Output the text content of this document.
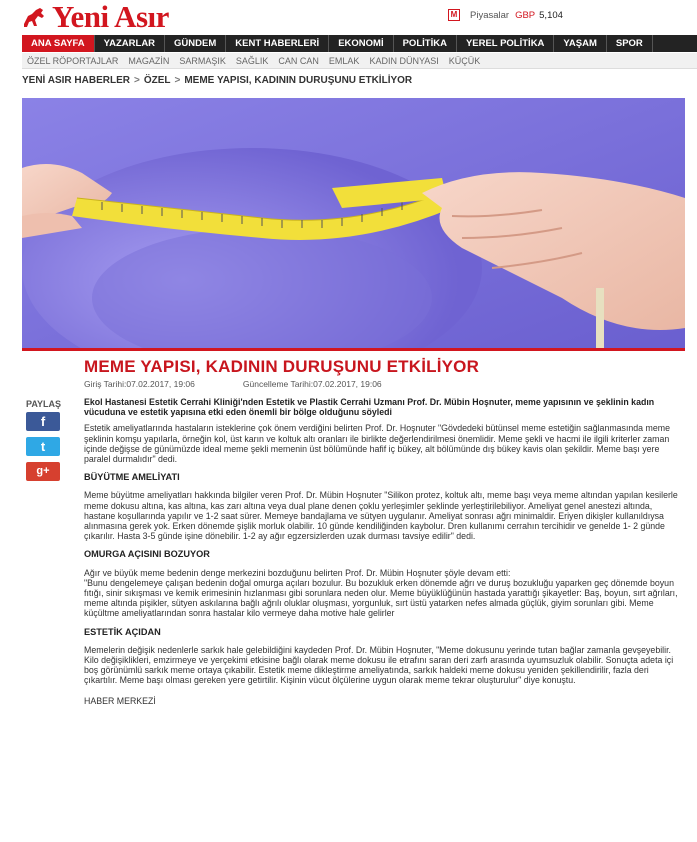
Yeni Asır	M Piyasalar GBP 5,104
ANA SAYFA	YAZARLAR	GÜNDEM	KENT HABERLERİ	EKONOMİ	POLİTİKA	YEREL POLİTİKA	YAŞAM	SPOR
ÖZEL RÖPORTAJLAR	MAGAZİN	SARMAŞIK	SAĞLIK	CAN CAN	EMLAK	KADIN DÜNYASI	KÜÇÜK
YENİ ASIR HABERLER > ÖZEL > MEME YAPISI, KADININ DURUŞUNU ETKİLİYOR
MEME YAPISI, KADININ DURUŞUNU ETKİLİYOR
Giriş Tarihi:07.02.2017, 19:06	Güncelleme Tarihi:07.02.2017, 19:06
PAYLAŞ
f
t
g+

Ekol Hastanesi Estetik Cerrahi Kliniği'nden Estetik ve Plastik Cerrahi Uzmanı Prof. Dr. Mübin Hoşnuter, meme yapısının ve şeklinin kadın vücuduna ve estetik yapısına etki eden önemli bir bölge olduğunu söyledi

Estetik ameliyatlarında hastaların isteklerine çok önem verdiğini belirten Prof. Dr. Hoşnuter "Gövdedeki bütünsel meme estetiğin sağlanmasında meme şeklinin komşu yapılarla, örneğin kol, üst karın ve koltuk altı oranları ile birlikte değerlendirilmesi önemlidir. Meme şekli ve hacmi ile ilgili kriterler zaman içinde değişse de günümüzde ideal meme şekli memenin üst bölümünde hafif iç bükey, alt bölümünde dış bükey kavis olan şekildir. Meme başı yere paralel durmalıdır" dedi.

BÜYÜTME AMELİYATI

Meme büyütme ameliyatları hakkında bilgiler veren Prof. Dr. Mübin Hoşnuter "Silikon protez, koltuk altı, meme başı veya meme altından yapılan kesilerle meme dokusu altına, kas altına, kas zarı altına veya dual plane denen çoklu yerleşimler şeklinde yerleştirilebiliyor. Ameliyat genel anestezi altında, hastane koşullarında yapılır ve 1-2 saat sürer. Memeye bandajlama ve sütyen uygulanır. Ameliyat sonrası ağrı minimaldir. Eriyen dikişler kullanıldıysa alınmasına gerek yok. Erken dönemde şişlik morluk olabilir. 10 günde kendiliğinden kaybolur. Dren kullanımı cerrahın tercihidir ve genelde 1- 2 günde çıkarılır. Hasta 3-5 günde işine dönebilir. 1-2 ay ağır egzersizlerden uzak durması tavsiye edilir" dedi.

OMURGA AÇISINI BOZUYOR

Ağır ve büyük meme bedenin denge merkezini bozduğunu belirten Prof. Dr. Mübin Hoşnuter şöyle devam etti:

"Bunu dengelemeye çalışan bedenin doğal omurga açıları bozulur. Bu bozukluk erken dönemde ağrı ve duruş bozukluğu yaparken geç dönemde boyun fıtığı, sinir sıkışması ve kemik erimesinin hızlanması gibi sorunlara neden olur. Meme büyüklüğünün hastada yarattığı şikayetler: Baş, boyun, sırt ağrıları, meme altında pişikler, sütyen askılarına bağlı ağrılı oluklar oluşması, yorgunluk, sırt üstü yatarken nefes almada güçlük, giyim sorunları gibi. Meme küçültme ameliyatlarından sonra hastalar kilo vermeye daha motive hale gelirler

ESTETİK AÇIDAN

Memelerin değişik nedenlerle sarkık hale gelebildiğini kaydeden Prof. Dr. Mübin Hoşnuter, "Meme dokusunu yerinde tutan bağlar zamanla gevşeyebilir. Kilo değişiklikleri, emzirmeye ve yerçekimi etkisine bağlı olarak meme dokusu ile etrafını saran deri zarfı arasında uyumsuzluk olabilir. Sonuçta adeta içi boş görünümlü sarkık meme ortaya çıkabilir. Estetik meme dikleştirme ameliyatında, sarkık haldeki meme dokusu yeniden şekillendirilir, fazla deri çıkartılır. Meme başı olması gereken yere getirtilir. Kişinin vücut ölçülerine uygun olarak meme tekrar oluşturulur" diye konuştu.

HABER MERKEZİ
